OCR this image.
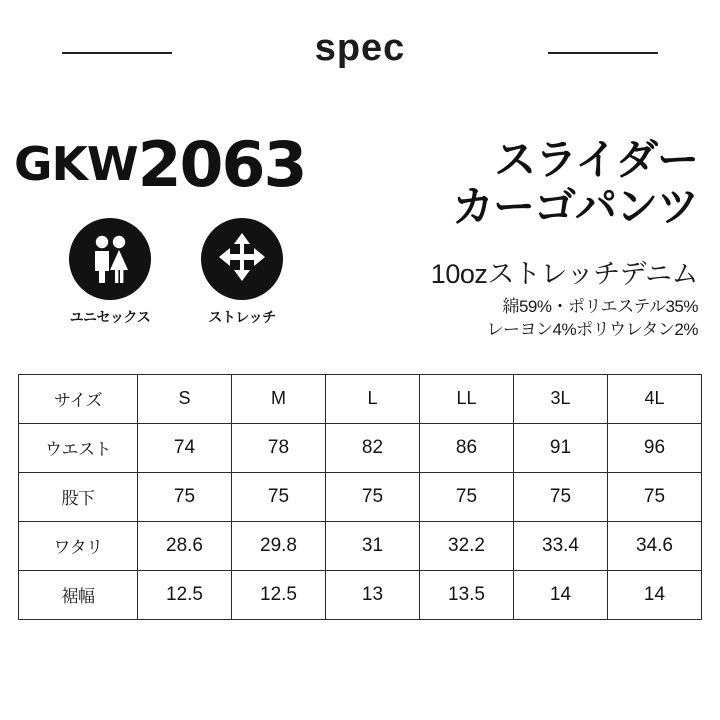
spec
GKW2063
ユニセックス	ストレッチ
スライダー
カーゴパンツ
10ozストレッチデニム
綿59%・ポリエステル35%
レーヨン4%ポリウレタン2%
サイズ	S	M	L	LL	3L	4L
ウエスト	74	78	82	86	91	96
股下	75	75	75	75	75	75
ワタリ	28.6	29.8	31	32.2	33.4	34.6
裾幅	12.5	12.5	13	13.5	14	14
